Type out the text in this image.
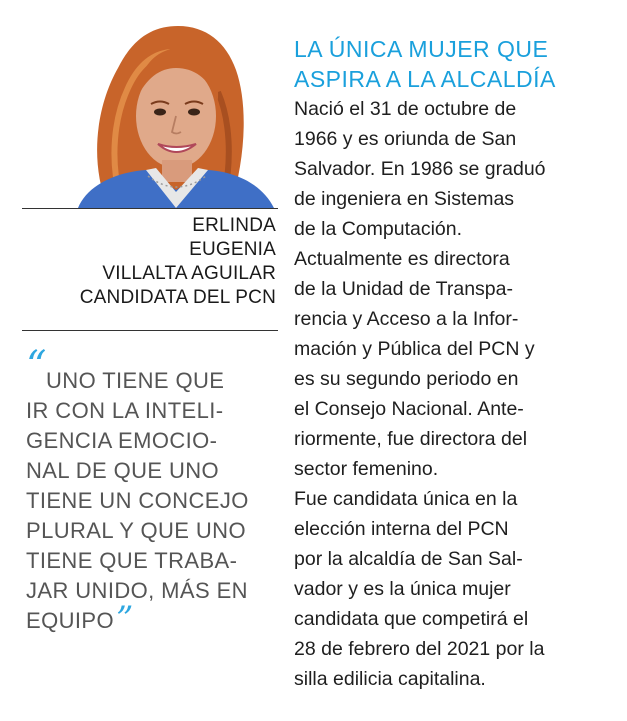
ERLINDA
EUGENIA
VILLALTA AGUILAR
CANDIDATA DEL PCN
“ UNO TIENE QUE
IR CON LA INTELI-
GENCIA EMOCIO-
NAL DE QUE UNO
TIENE UN CONCEJO
PLURAL Y QUE UNO
TIENE QUE TRABA-
JAR UNIDO, MÁS EN
EQUIPO”
LA ÚNICA MUJER QUE
ASPIRA A LA ALCALDÍA
Nació el 31 de octubre de
1966 y es oriunda de San
Salvador. En 1986 se graduó
de ingeniera en Sistemas
de la Computación.
Actualmente es directora
de la Unidad de Transpa-
rencia y Acceso a la Infor-
mación y Pública del PCN y
es su segundo periodo en
el Consejo Nacional. Ante-
riormente, fue directora del
sector femenino.
Fue candidata única en la
elección interna del PCN
por la alcaldía de San Sal-
vador y es la única mujer
candidata que competirá el
28 de febrero del 2021 por la
silla edilicia capitalina.
